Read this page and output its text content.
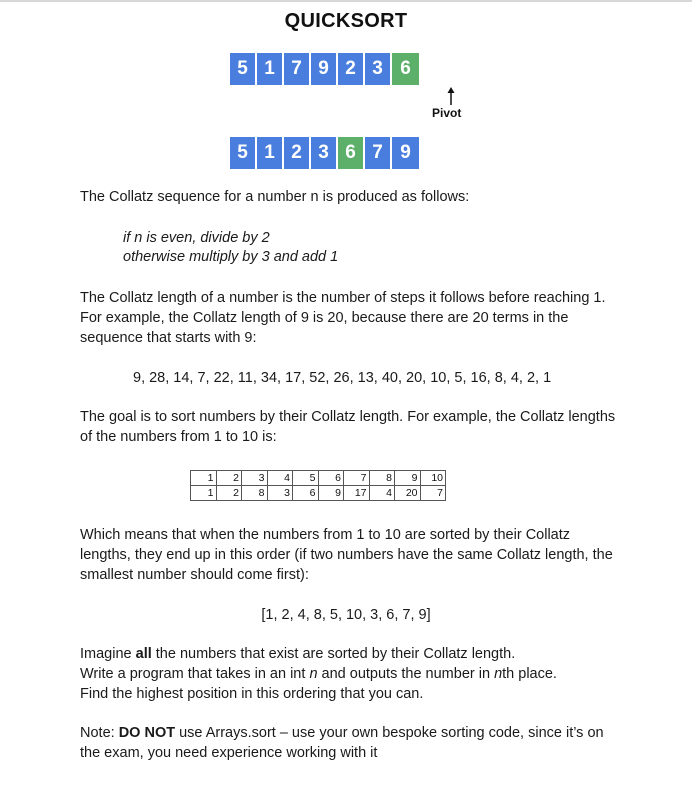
QUICKSORT
5 1 7 9 2 3 6
Pivot
5 1 2 3 6 7 9

The Collatz sequence for a number n is produced as follows:

if n is even, divide by 2

otherwise multiply by 3 and add 1

The Collatz length of a number is the number of steps it follows before reaching 1. For example, the Collatz length of 9 is 20, because there are 20 terms in the sequence that starts with 9:

9, 28, 14, 7, 22, 11, 34, 17, 52, 26, 13, 40, 20, 10, 5, 16, 8, 4, 2, 1

The goal is to sort numbers by their Collatz length. For example, the Collatz lengths of the numbers from 1 to 10 is:

1	2	3	4	5	6	7	8	9	10
1	2	8	3	6	9	17	4	20	7

Which means that when the numbers from 1 to 10 are sorted by their Collatz lengths, they end up in this order (if two numbers have the same Collatz length, the smallest number should come first):

[1, 2, 4, 8, 5, 10, 3, 6, 7, 9]

Imagine all the numbers that exist are sorted by their Collatz length.
Write a program that takes in an int n and outputs the number in nth place.
Find the highest position in this ordering that you can.
Note: DO NOT use Arrays.sort – use your own bespoke sorting code, since it’s on the exam, you need experience working with it
